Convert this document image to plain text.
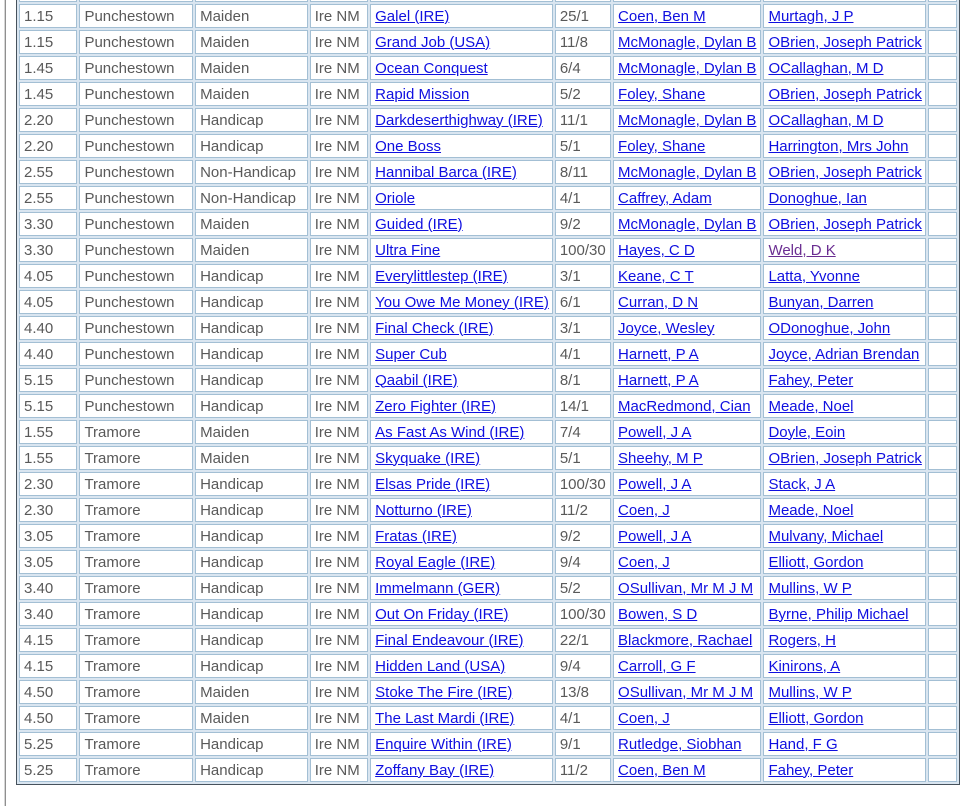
1.15	Punchestown	Maiden	Ire NM	Galel (IRE)	25/1	Coen, Ben M	Murtagh, J P	
1.15	Punchestown	Maiden	Ire NM	Grand Job (USA)	11/8	McMonagle, Dylan B	OBrien, Joseph Patrick	
1.45	Punchestown	Maiden	Ire NM	Ocean Conquest	6/4	McMonagle, Dylan B	OCallaghan, M D	
1.45	Punchestown	Maiden	Ire NM	Rapid Mission	5/2	Foley, Shane	OBrien, Joseph Patrick	
2.20	Punchestown	Handicap	Ire NM	Darkdeserthighway (IRE)	11/1	McMonagle, Dylan B	OCallaghan, M D	
2.20	Punchestown	Handicap	Ire NM	One Boss	5/1	Foley, Shane	Harrington, Mrs John	
2.55	Punchestown	Non-Handicap	Ire NM	Hannibal Barca (IRE)	8/11	McMonagle, Dylan B	OBrien, Joseph Patrick	
2.55	Punchestown	Non-Handicap	Ire NM	Oriole	4/1	Caffrey, Adam	Donoghue, Ian	
3.30	Punchestown	Maiden	Ire NM	Guided (IRE)	9/2	McMonagle, Dylan B	OBrien, Joseph Patrick	
3.30	Punchestown	Maiden	Ire NM	Ultra Fine	100/30	Hayes, C D	Weld, D K	
4.05	Punchestown	Handicap	Ire NM	Everylittlestep (IRE)	3/1	Keane, C T	Latta, Yvonne	
4.05	Punchestown	Handicap	Ire NM	You Owe Me Money (IRE)	6/1	Curran, D N	Bunyan, Darren	
4.40	Punchestown	Handicap	Ire NM	Final Check (IRE)	3/1	Joyce, Wesley	ODonoghue, John	
4.40	Punchestown	Handicap	Ire NM	Super Cub	4/1	Harnett, P A	Joyce, Adrian Brendan	
5.15	Punchestown	Handicap	Ire NM	Qaabil (IRE)	8/1	Harnett, P A	Fahey, Peter	
5.15	Punchestown	Handicap	Ire NM	Zero Fighter (IRE)	14/1	MacRedmond, Cian	Meade, Noel	
1.55	Tramore	Maiden	Ire NM	As Fast As Wind (IRE)	7/4	Powell, J A	Doyle, Eoin	
1.55	Tramore	Maiden	Ire NM	Skyquake (IRE)	5/1	Sheehy, M P	OBrien, Joseph Patrick	
2.30	Tramore	Handicap	Ire NM	Elsas Pride (IRE)	100/30	Powell, J A	Stack, J A	
2.30	Tramore	Handicap	Ire NM	Notturno (IRE)	11/2	Coen, J	Meade, Noel	
3.05	Tramore	Handicap	Ire NM	Fratas (IRE)	9/2	Powell, J A	Mulvany, Michael	
3.05	Tramore	Handicap	Ire NM	Royal Eagle (IRE)	9/4	Coen, J	Elliott, Gordon	
3.40	Tramore	Handicap	Ire NM	Immelmann (GER)	5/2	OSullivan, Mr M J M	Mullins, W P	
3.40	Tramore	Handicap	Ire NM	Out On Friday (IRE)	100/30	Bowen, S D	Byrne, Philip Michael	
4.15	Tramore	Handicap	Ire NM	Final Endeavour (IRE)	22/1	Blackmore, Rachael	Rogers, H	
4.15	Tramore	Handicap	Ire NM	Hidden Land (USA)	9/4	Carroll, G F	Kinirons, A	
4.50	Tramore	Maiden	Ire NM	Stoke The Fire (IRE)	13/8	OSullivan, Mr M J M	Mullins, W P	
4.50	Tramore	Maiden	Ire NM	The Last Mardi (IRE)	4/1	Coen, J	Elliott, Gordon	
5.25	Tramore	Handicap	Ire NM	Enquire Within (IRE)	9/1	Rutledge, Siobhan	Hand, F G	
5.25	Tramore	Handicap	Ire NM	Zoffany Bay (IRE)	11/2	Coen, Ben M	Fahey, Peter	
